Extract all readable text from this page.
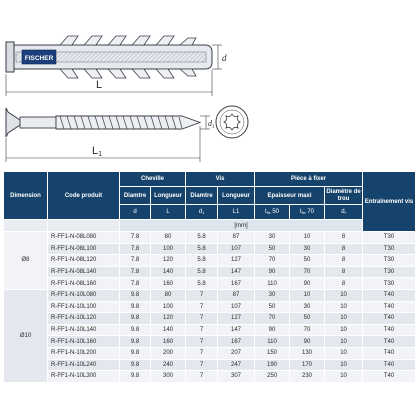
FISCHER	d
L
$d_1$
L1
Dimension	Code produit	Cheville		Vis		Pièce à fixer			Entraînement vis
		Diamtre	Longueur	Diamtre	Longueur	Epaisseur maxi		Diamètre de trou	
		d	L	$d_1$	L1	$t_{fix}$ 50	$t_{fix}$ 70	$d_f$
		[mm]							
Ø8	R-FF1-N-08L080	7.8	80	5.8	87	30	10	8	T30
	R-FF1-N-08L100	7.8	100	5.8	107	50	30	8	T30
	R-FF1-N-08L120	7.8	120	5.8	127	70	50	8	T30
	R-FF1-N-08L140	7.8	140	5.8	147	90	70	8	T30
	R-FF1-N-08L160	7.8	160	5.8	167	110	90	8	T30
Ø10	R-FF1-N-10L080	9.8	80	7	87	30	10	10	T40
	R-FF1-N-10L100	9.8	100	7	107	50	30	10	T40
	R-FF1-N-10L120	9.8	120	7	127	70	50	10	T40
	R-FF1-N-10L140	9.8	140	7	147	90	70	10	T40
	R-FF1-N-10L160	9.8	160	7	167	110	90	10	T40
	R-FF1-N-10L200	9.8	200	7	207	150	130	10	T40
	R-FF1-N-10L240	9.8	240	7	247	190	170	10	T40
	R-FF1-N-10L300	9.8	300	7	307	250	230	10	T40
